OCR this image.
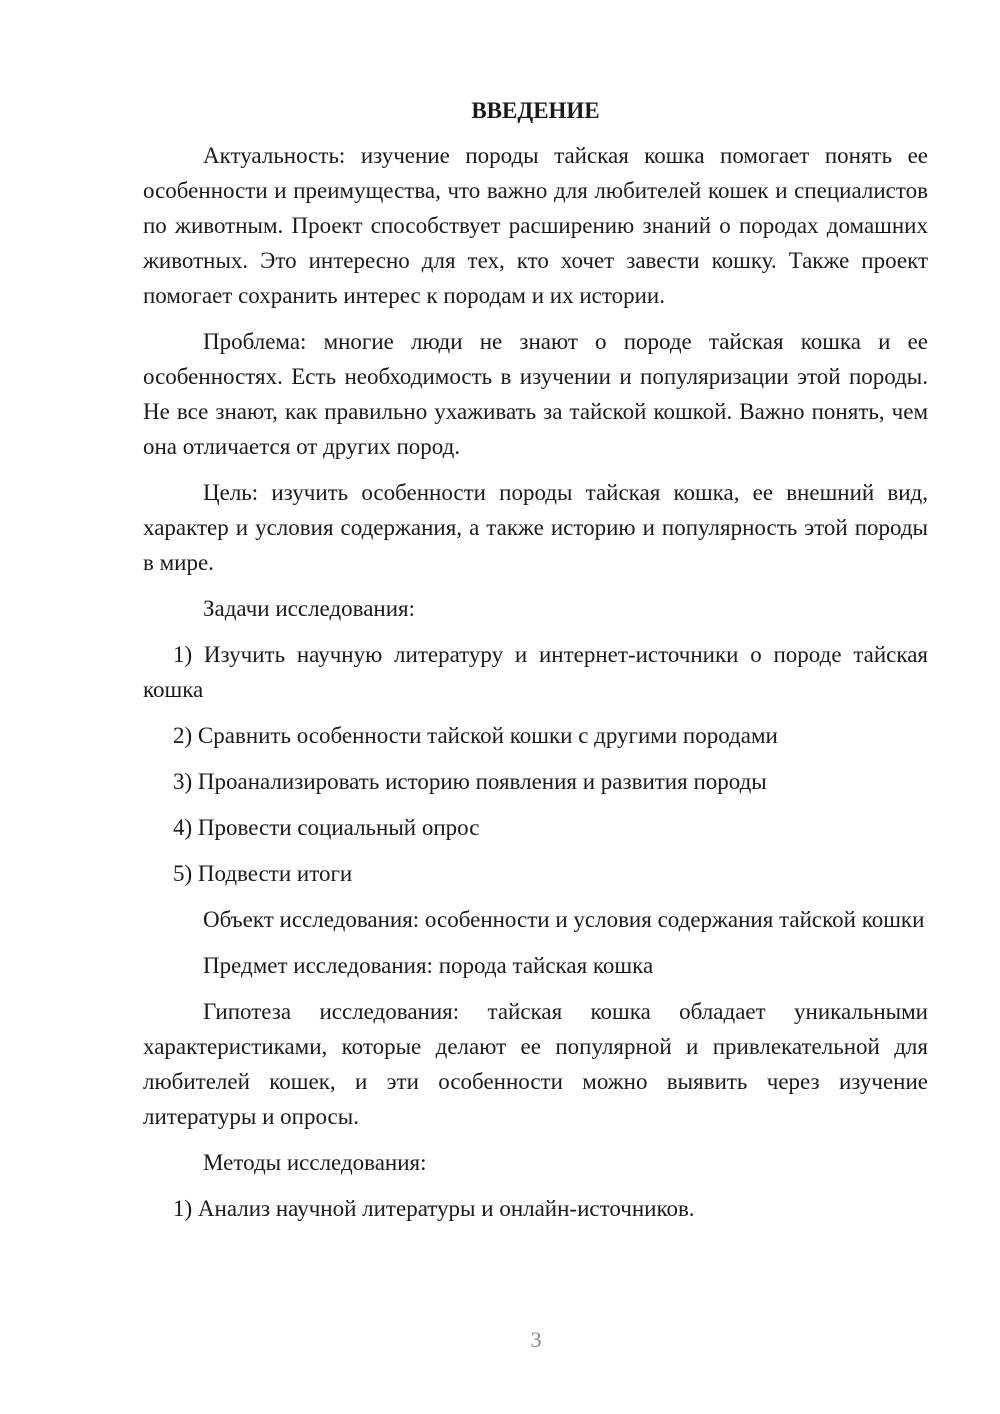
ВВЕДЕНИЕ

Актуальность: изучение породы тайская кошка помогает понять ее особенности и преимущества, что важно для любителей кошек и специалистов по животным. Проект способствует расширению знаний о породах домашних животных. Это интересно для тех, кто хочет завести кошку. Также проект помогает сохранить интерес к породам и их истории.

Проблема: многие люди не знают о породе тайская кошка и ее особенностях. Есть необходимость в изучении и популяризации этой породы. Не все знают, как правильно ухаживать за тайской кошкой. Важно понять, чем она отличается от других пород.

Цель: изучить особенности породы тайская кошка, ее внешний вид, характер и условия содержания, а также историю и популярность этой породы в мире.

Задачи исследования:

1) Изучить научную литературу и интернет-источники о породе тайская кошка

2) Сравнить особенности тайской кошки с другими породами

3) Проанализировать историю появления и развития породы

4) Провести социальный опрос

5) Подвести итоги

Объект исследования: особенности и условия содержания тайской кошки

Предмет исследования: порода тайская кошка

Гипотеза исследования: тайская кошка обладает уникальными характеристиками, которые делают ее популярной и привлекательной для любителей кошек, и эти особенности можно выявить через изучение литературы и опросы.

Методы исследования:

1) Анализ научной литературы и онлайн-источников.

3
